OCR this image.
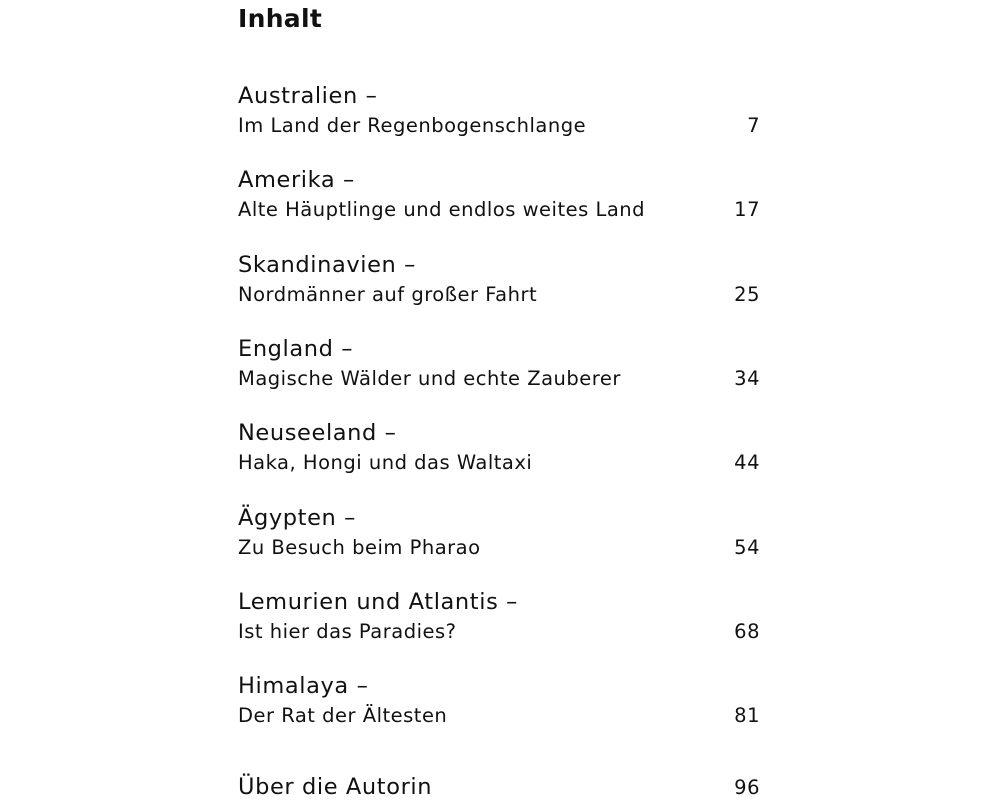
Inhalt
Australien –
Im Land der Regenbogenschlange	7
Amerika –
Alte Häuptlinge und endlos weites Land	17
Skandinavien –
Nordmänner auf großer Fahrt	25
England –
Magische Wälder und echte Zauberer	34
Neuseeland –
Haka, Hongi und das Waltaxi	44
Ägypten –
Zu Besuch beim Pharao	54
Lemurien und Atlantis –
Ist hier das Paradies?	68
Himalaya –
Der Rat der Ältesten	81
Über die Autorin	96
